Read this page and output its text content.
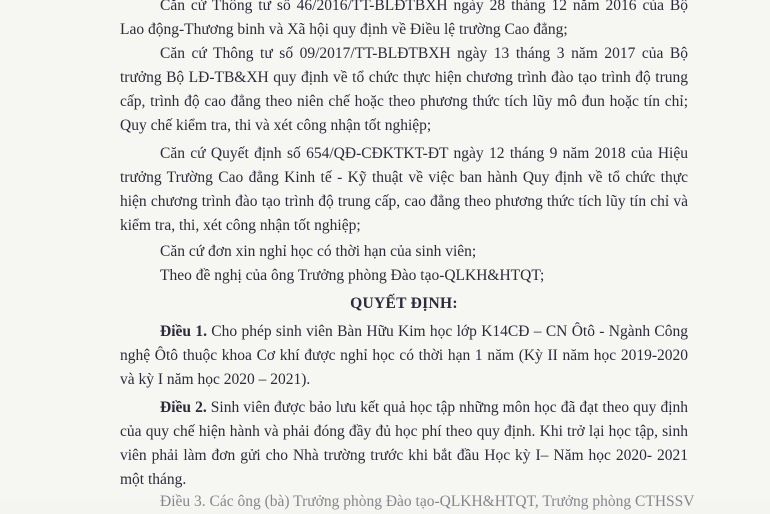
Căn cứ Thông tư số 46/2016/TT-BLĐTBXH ngày 28 tháng 12 năm 2016 của Bộ Lao động-Thương binh và Xã hội quy định về Điều lệ trường Cao đẳng;

Căn cứ Thông tư số 09/2017/TT-BLĐTBXH ngày 13 tháng 3 năm 2017 của Bộ trưởng Bộ LĐ-TB&XH quy định về tổ chức thực hiện chương trình đào tạo trình độ trung cấp, trình độ cao đẳng theo niên chế hoặc theo phương thức tích lũy mô đun hoặc tín chỉ; Quy chế kiểm tra, thi và xét công nhận tốt nghiệp;

Căn cứ Quyết định số 654/QĐ-CĐKTKT-ĐT ngày 12 tháng 9 năm 2018 của Hiệu trưởng Trường Cao đẳng Kinh tế - Kỹ thuật về việc ban hành Quy định về tổ chức thực hiện chương trình đào tạo trình độ trung cấp, cao đẳng theo phương thức tích lũy tín chỉ và kiểm tra, thi, xét công nhận tốt nghiệp;

Căn cứ đơn xin nghỉ học có thời hạn của sinh viên;
Theo đề nghị của ông Trưởng phòng Đào tạo-QLKH&HTQT;
QUYẾT ĐỊNH:

Điều 1. Cho phép sinh viên Bàn Hữu Kim học lớp K14CĐ – CN Ôtô - Ngành Công nghệ Ôtô thuộc khoa Cơ khí được nghỉ học có thời hạn 1 năm (Kỳ II năm học 2019-2020 và kỳ I năm học 2020 – 2021).

Điều 2. Sinh viên được bảo lưu kết quả học tập những môn học đã đạt theo quy định của quy chế hiện hành và phải đóng đầy đủ học phí theo quy định. Khi trở lại học tập, sinh viên phải làm đơn gửi cho Nhà trường trước khi bắt đầu Học kỳ I– Năm học 2020- 2021 một tháng.

Điều 3. Các ông (bà) Trưởng phòng Đào tạo-QLKH&HTQT, Trưởng phòng CTHSSV
